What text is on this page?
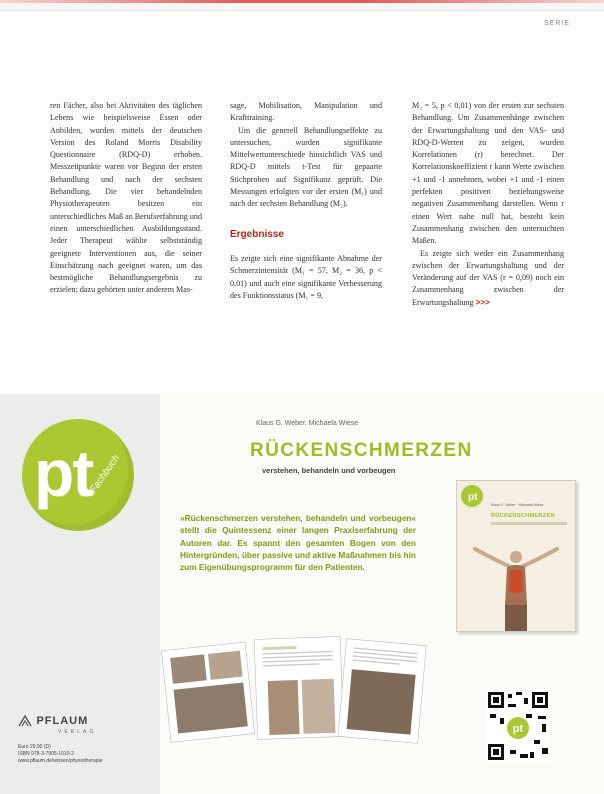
SERIE

ren Fächer, also bei Aktivitäten des täglichen Lebens wie beispielsweise Essen oder Anbilden, wurden mittels der deutschen Version des Roland Morris Disability Questionnaire (RDQ-D) erhoben. Messzeitpunkte waren vor Beginn der ersten Behandlung und nach der sechsten Behandlung. Die vier behandelnden Physiotherapeuten besitzen ein unterschiedliches Maß an Berufserfahrung und einen unterschiedlichen Ausbildungsstand. Jeder Therapeut wählte selbstständig geeignete Interventionen aus, die seiner Einschätzung nach geeignet waren, um das bestmögliche Behandlungsergebnis zu erzielen; dazu gehörten unter anderem Mas-

sage, Mobilisation, Manipulation und Krafttraining.

Um die generell Behandlungseffekte zu untersuchen, wurden signifikante Mittelwertunterschiede hinsichtlich VAS und RDQ-D mittels t-Test für gepaarte Stichproben auf Signifikanz geprüft. Die Messungen erfolgten vor der ersten (M₁) und nach der sechsten Behandlung (M₂).

Ergebnisse

Es zeigte sich eine signifikante Abnahme der Schmerzintensität (M₁ = 57, M₂ = 36, p < 0,01) und auch eine signifikante Verbesserung des Funktionsstatus (M₁ = 9,

M₂ = 5, p < 0,01) von der ersten zur sechsten Behandlung. Um Zusammenhänge zwischen der Erwartungshaltung und den VAS- und RDQ-D-Werten zu zeigen, wurden Korrelationen (r) berechnet. Der Korrelationskoeffizient r kann Werte zwischen +1 und -1 annehmen, wobei +1 und -1 einen perfekten positiven beziehungsweise negativen Zusammenhang darstellen. Wenn r einen Wert nahe null hat, besteht kein Zusammenhang zwischen den untersuchten Maßen.

Es zeigte sich weder ein Zusammenhang zwischen der Erwartungshaltung und der Veränderung auf der VAS (r = 0,09) noch ein Zusammenhang zwischen der Erwartungshaltung >>>

pt
Fachbuch
PFLAUM
VERLAG
Euro 29,90 (D)
ISBN 978-3-7905-1010-2
www.pflaum.de/wissen/physiotherapie
Klaus G. Weber, Michaela Wiese
RÜCKENSCHMERZEN
verstehen, behandeln und vorbeugen
»Rückenschmerzen verstehen, behandeln und vorbeugen« stellt die Quintessenz einer langen Praxiserfahrung der Autoren dar. Es spannt den gesamten Bogen von den Hintergründen, über passive und aktive Maßnahmen bis hin zum Eigenübungsprogramm für den Patienten.
pt
Klaus G. Weber · Michaela Wiese
RÜCKENSCHMERZEN
pt
